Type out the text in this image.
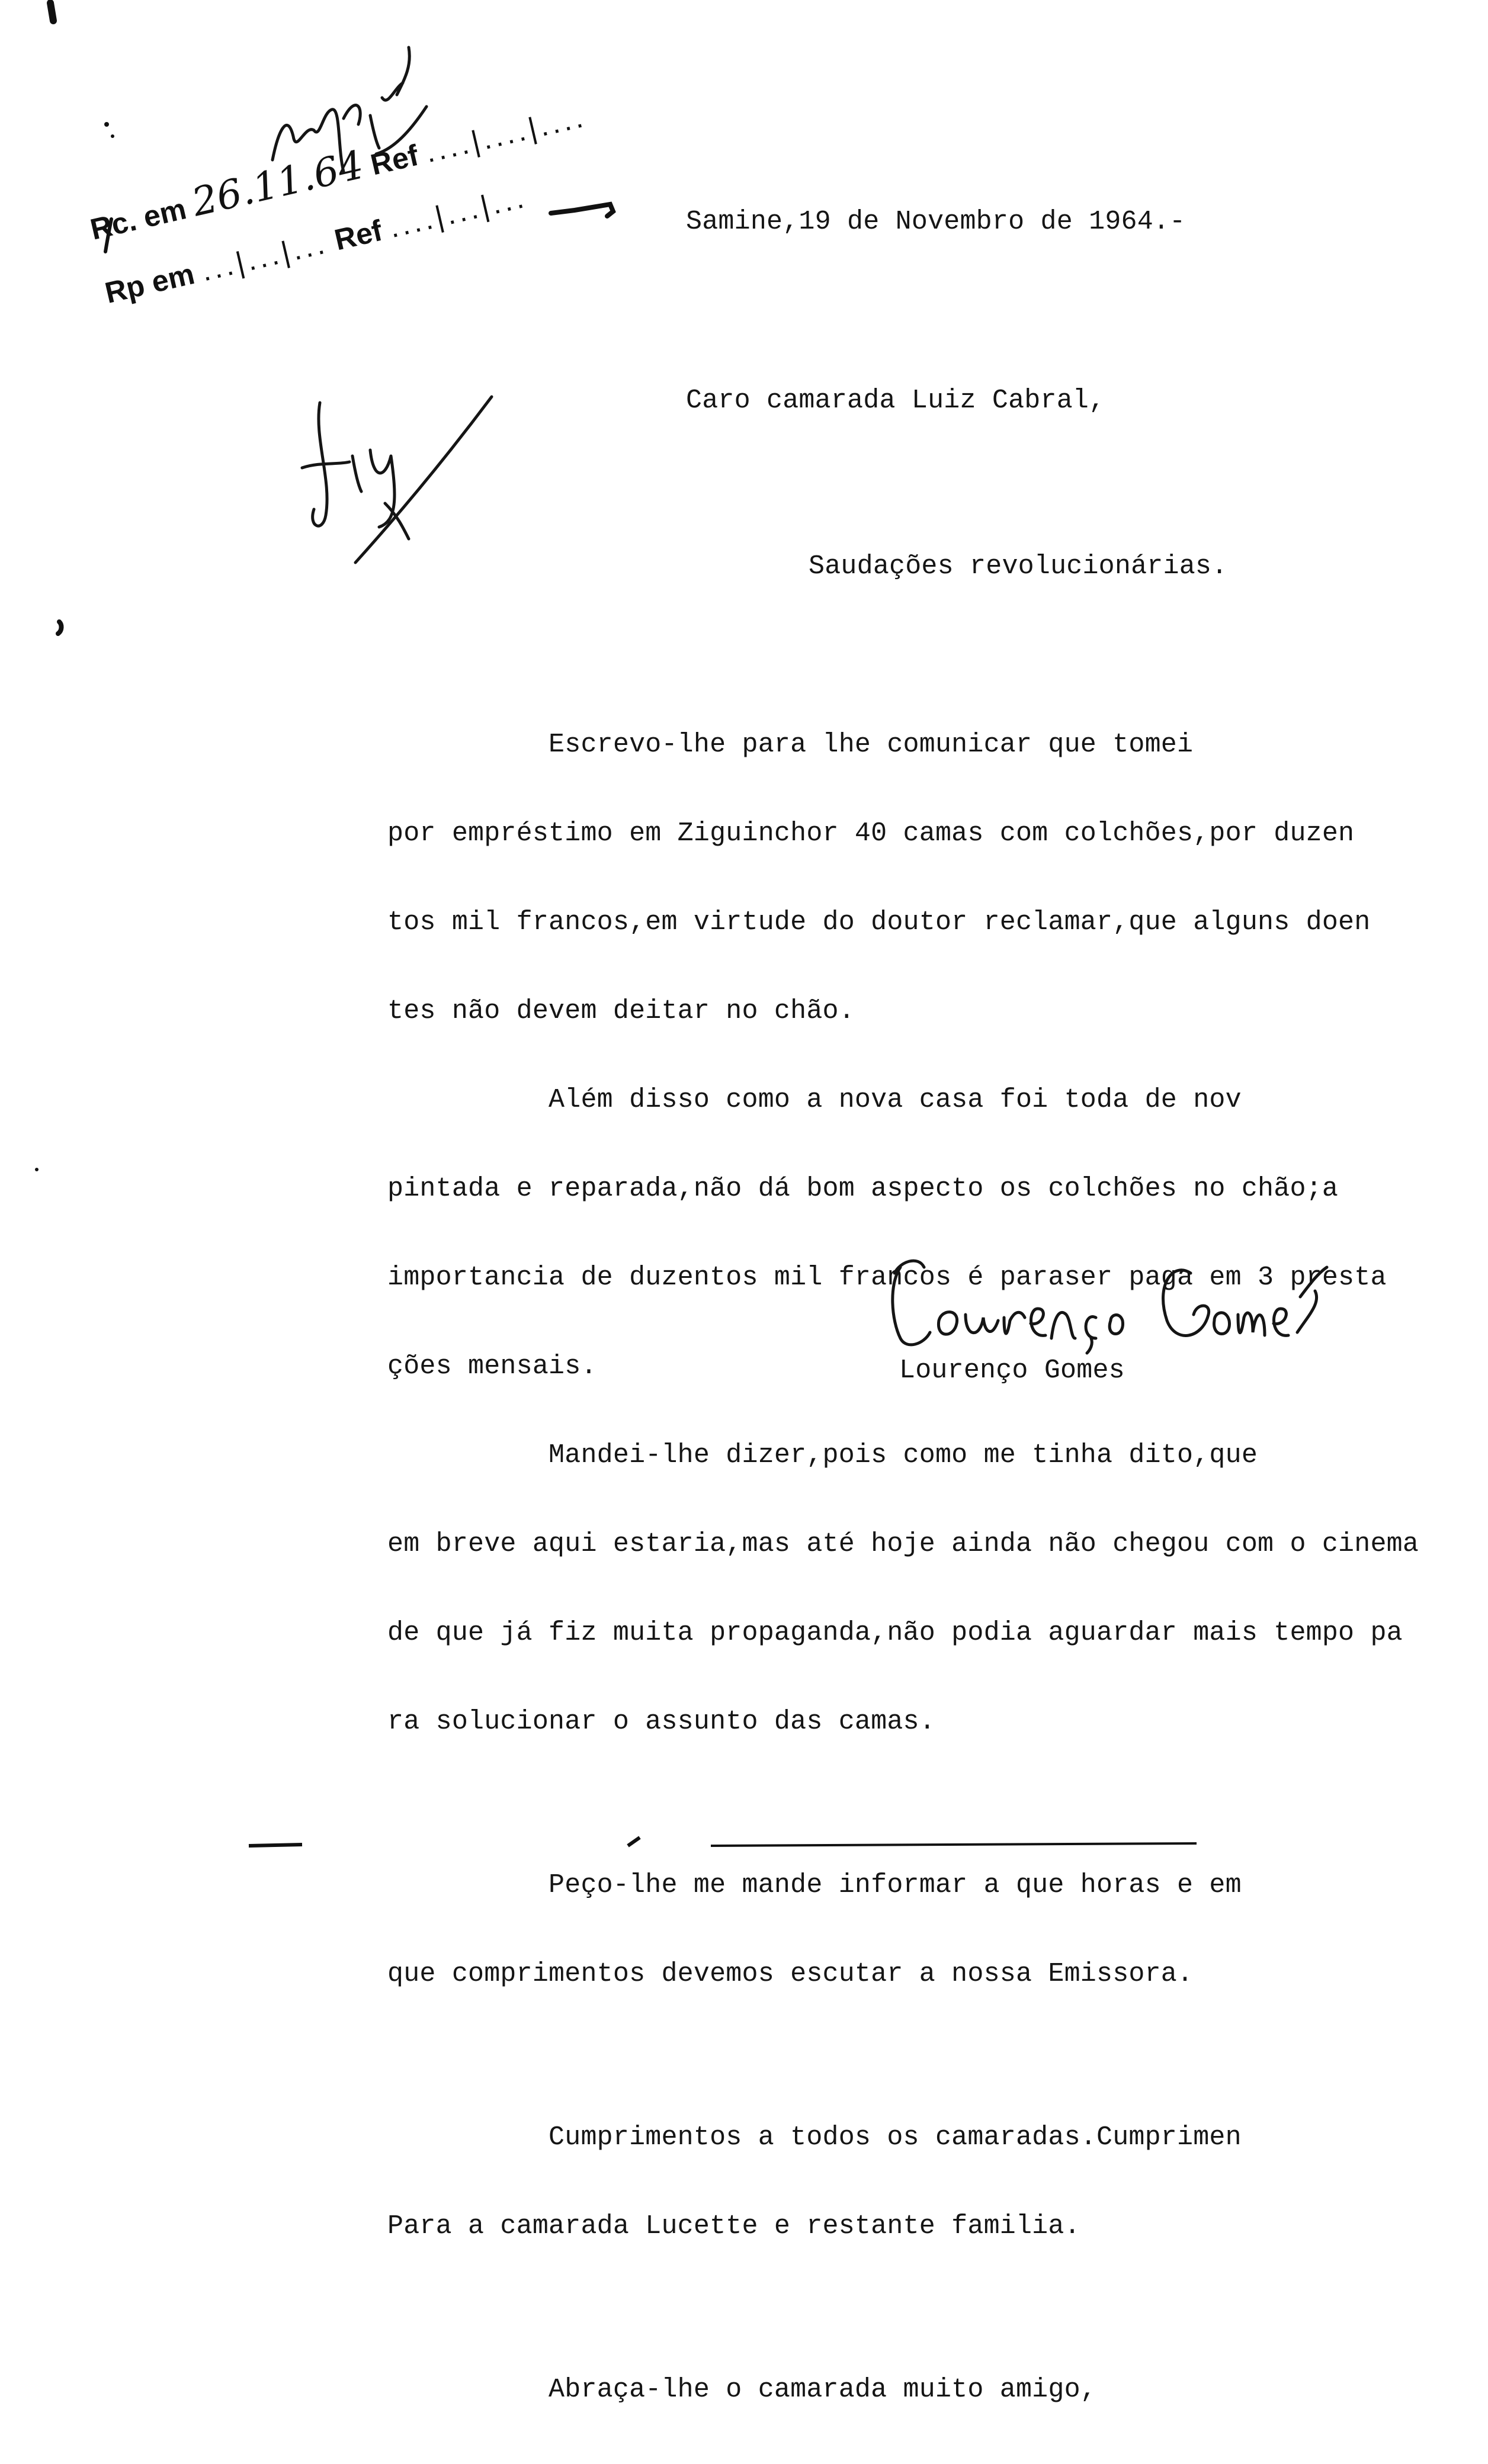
Samine,19 de Novembro de 1964.-
Rc. em 26.11.64 Ref ....|....|....
Rp em ...|...|... Ref ....|...|...
Caro camarada Luiz Cabral,
Saudações revolucionárias.

Escrevo-lhe para lhe comunicar que tomei

por empréstimo em Ziguinchor 40 camas com colchões,por duzen

tos mil francos,em virtude do doutor reclamar,que alguns doen

tes não devem deitar no chão.

Além disso como a nova casa foi toda de nov

pintada e reparada,não dá bom aspecto os colchões no chão;a

importancia de duzentos mil francos é paraser paga em 3 presta

ções mensais.

Mandei-lhe dizer,pois como me tinha dito,que

em breve aqui estaria,mas até hoje ainda não chegou com o cinema

de que já fiz muita propaganda,não podia aguardar mais tempo pa

ra solucionar o assunto das camas.

Peço-lhe me mande informar a que horas e em

que comprimentos devemos escutar a nossa Emissora.

Cumprimentos a todos os camaradas.Cumprimen

Para a camarada Lucette e restante familia.

Abraça-lhe o camarada muito amigo,

Lourenço Gomes
